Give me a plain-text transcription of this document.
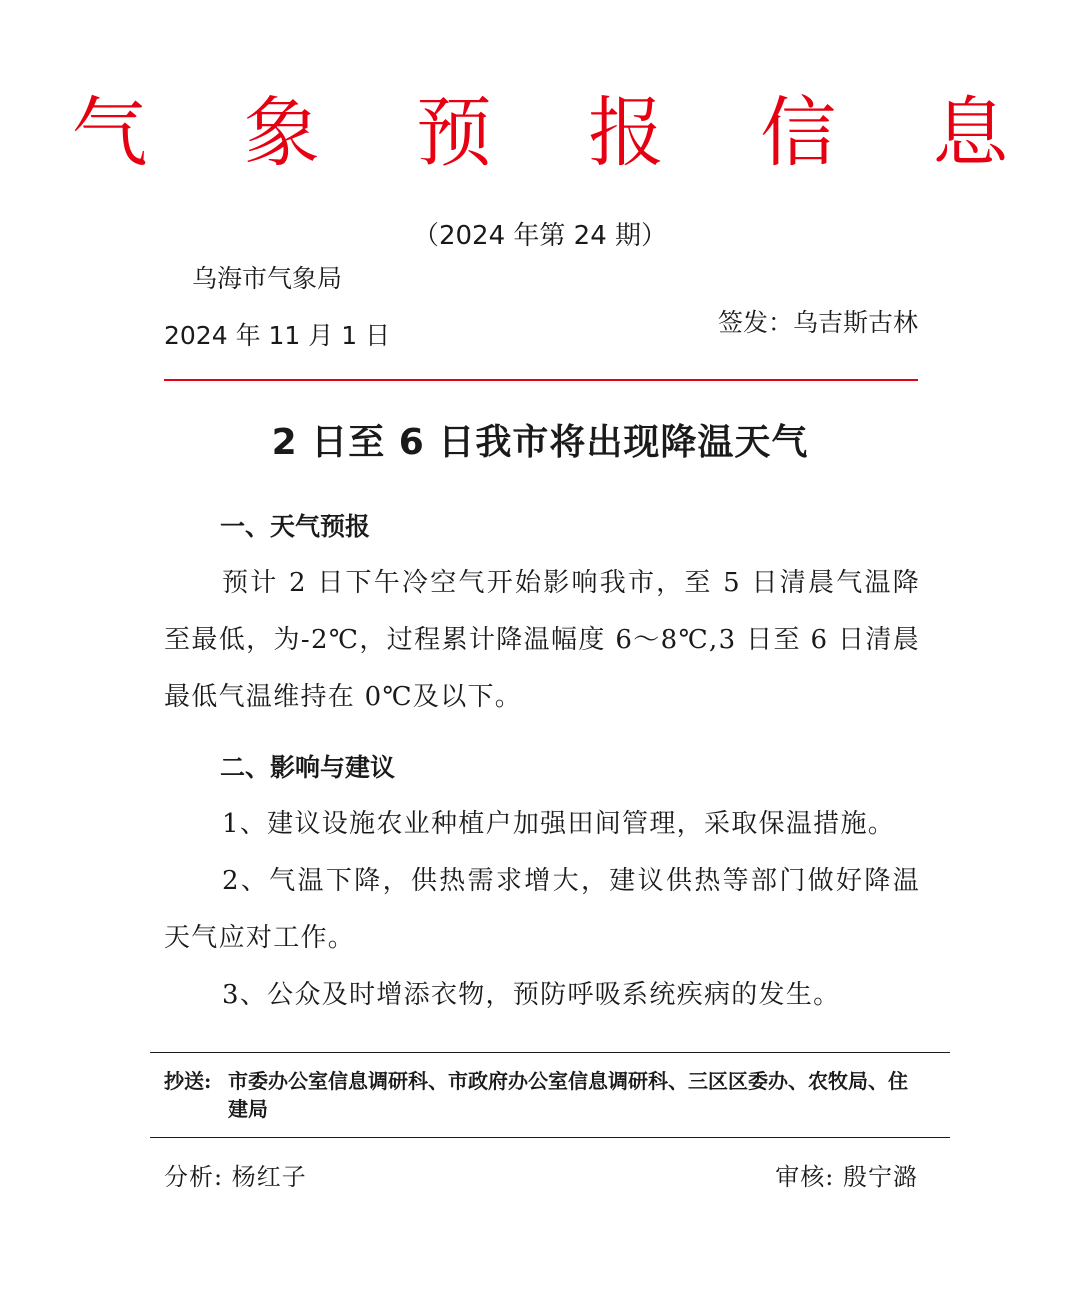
气 象 预 报 信 息
（2024 年第 24 期）
乌海市气象局
2024 年 11 月 1 日	签发：乌吉斯古林
2 日至 6 日我市将出现降温天气
一、天气预报
预计 2 日下午冷空气开始影响我市，至 5 日清晨气温降至最低，为-2℃，过程累计降温幅度 6～8℃,3 日至 6 日清晨最低气温维持在 0℃及以下。
二、影响与建议
1、建议设施农业种植户加强田间管理，采取保温措施。
2、气温下降，供热需求增大，建议供热等部门做好降温天气应对工作。
3、公众及时增添衣物，预防呼吸系统疾病的发生。
抄送: 市委办公室信息调研科、市政府办公室信息调研科、三区区委办、农牧局、住建局
分析: 杨红子	审核: 殷宁潞
